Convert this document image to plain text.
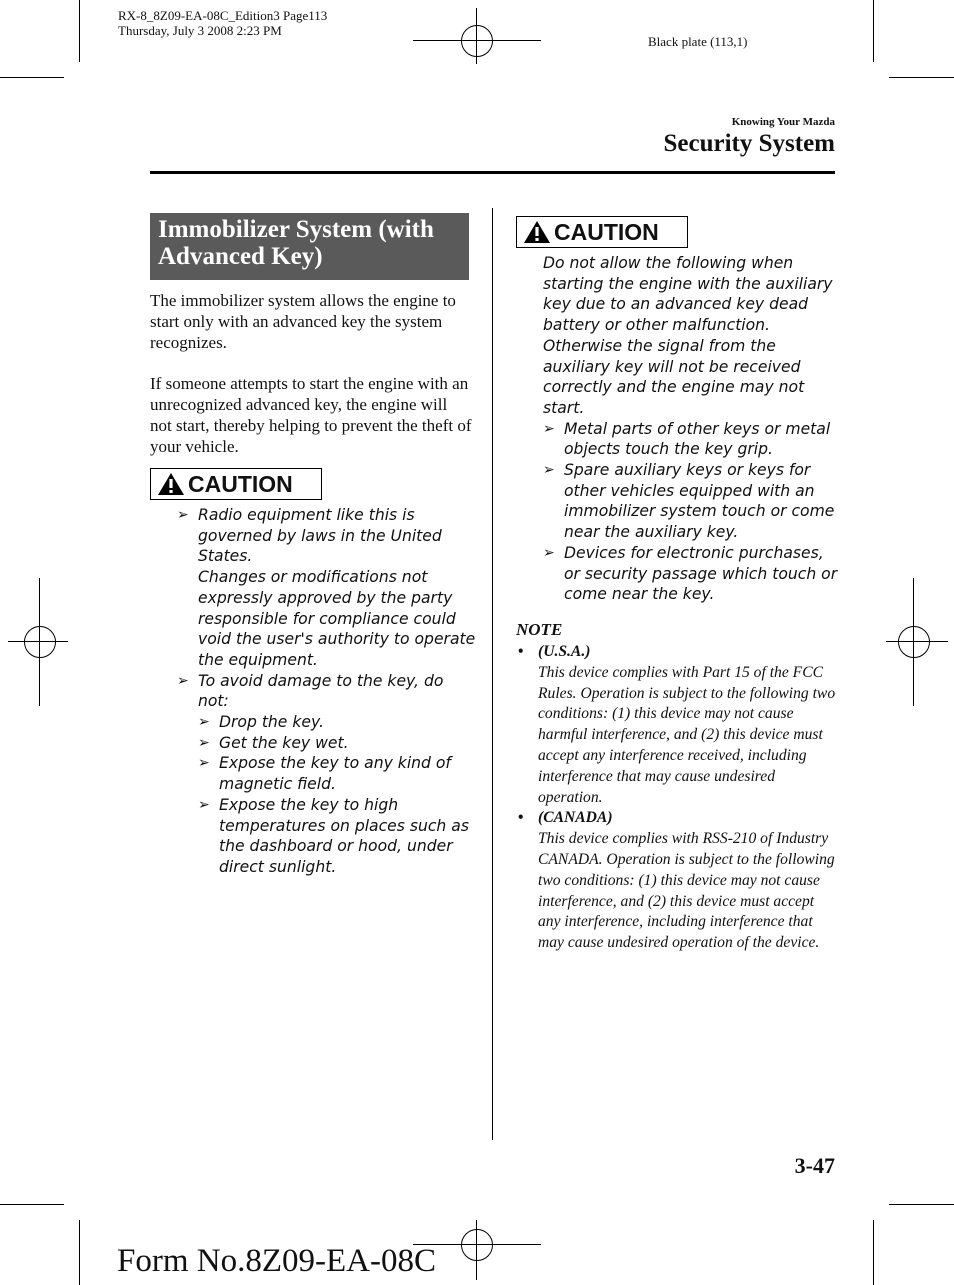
RX-8_8Z09-EA-08C_Edition3 Page113
Thursday, July 3 2008 2:23 PM
Black plate (113,1)
Knowing Your Mazda
Security System
Immobilizer System (with Advanced Key)
The immobilizer system allows the engine to start only with an advanced key the system recognizes.
If someone attempts to start the engine with an unrecognized advanced key, the engine will not start, thereby helping to prevent the theft of your vehicle.
CAUTION
➢ Radio equipment like this is governed by laws in the United States.
Changes or modifications not expressly approved by the party responsible for compliance could void the user's authority to operate the equipment.
➢ To avoid damage to the key, do not:
➢ Drop the key.
➢ Get the key wet.
➢ Expose the key to any kind of magnetic field.
➢ Expose the key to high temperatures on places such as the dashboard or hood, under direct sunlight.
CAUTION
Do not allow the following when starting the engine with the auxiliary key due to an advanced key dead battery or other malfunction. Otherwise the signal from the auxiliary key will not be received correctly and the engine may not start.
➢ Metal parts of other keys or metal objects touch the key grip.
➢ Spare auxiliary keys or keys for other vehicles equipped with an immobilizer system touch or come near the auxiliary key.
➢ Devices for electronic purchases, or security passage which touch or come near the key.
NOTE
• (U.S.A.)
This device complies with Part 15 of the FCC Rules. Operation is subject to the following two conditions: (1) this device may not cause harmful interference, and (2) this device must accept any interference received, including interference that may cause undesired operation.
• (CANADA)
This device complies with RSS-210 of Industry CANADA. Operation is subject to the following two conditions: (1) this device may not cause interference, and (2) this device must accept any interference, including interference that may cause undesired operation of the device.
3-47
Form No.8Z09-EA-08C
